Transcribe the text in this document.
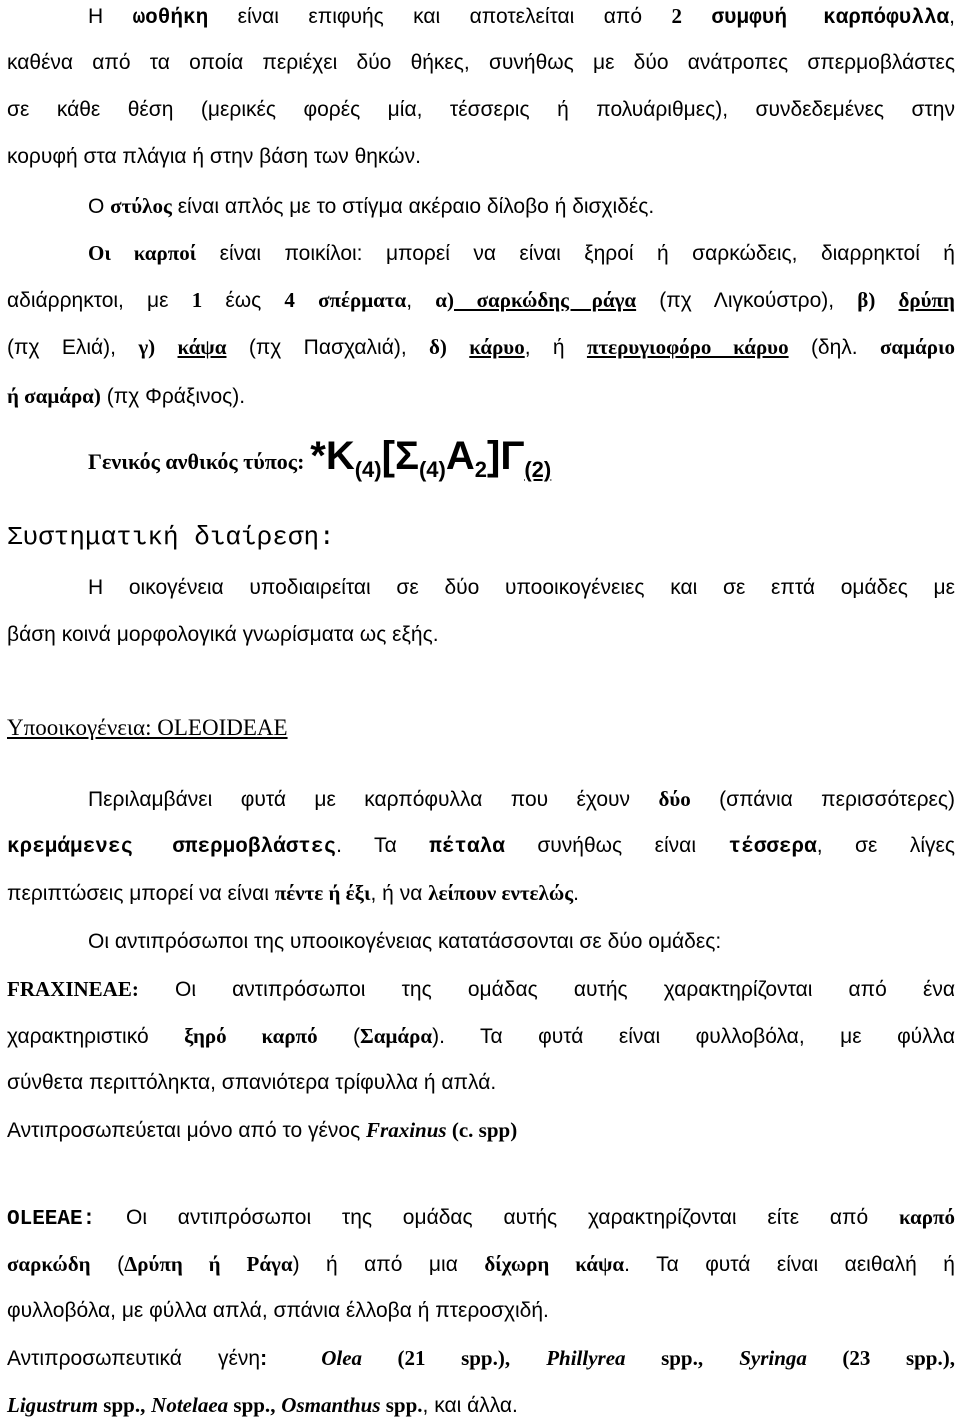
Η ωοθήκη είναι επιφυής και αποτελείται από 2 συμφυή καρπόφυλλα,
καθένα από τα οποία περιέχει δύο θήκες, συνήθως με δύο ανάτροπες σπερμοβλάστες
σε κάθε θέση (μερικές φορές μία, τέσσερις ή πολυάριθμες), συνδεδεμένες στην
κορυφή στα πλάγια ή στην βάση των θηκών.
Ο στύλος είναι απλός με το στίγμα ακέραιο δίλοβο ή δισχιδές.
Οι καρποί είναι ποικίλοι: μπορεί να είναι ξηροί ή σαρκώδεις, διαρρηκτοί ή
αδιάρρηκτοι, με 1 έως 4 σπέρματα, α) σαρκώδης ράγα (πχ Λιγκούστρο), β) δρύπη
(πχ Ελιά), γ) κάψα (πχ Πασχαλιά), δ) κάρυο, ή πτερυγιοφόρο κάρυο (δηλ. σαμάριο
ή σαμάρα) (πχ Φράξινος).
Γενικός ανθικός τύπος: $*K_{(4)}[\Sigma_{(4)}A_2]\Gamma_{(2)}$
Συστηματική διαίρεση:
Η οικογένεια υποδιαιρείται σε δύο υποοικογένειες και σε επτά ομάδες με
βάση κοινά μορφολογικά γνωρίσματα ως εξής.
Υποοικογένεια: OLEOIDEAE
Περιλαμβάνει φυτά με καρπόφυλλα που έχουν δύο (σπάνια περισσότερες)
κρεμάμενες σπερμοβλάστες. Τα πέταλα συνήθως είναι τέσσερα, σε λίγες
περιπτώσεις μπορεί να είναι πέντε ή έξι, ή να λείπουν εντελώς.
Οι αντιπρόσωποι της υποοικογένειας κατατάσσονται σε δύο ομάδες:
FRAXINEAE: Οι αντιπρόσωποι της ομάδας αυτής χαρακτηρίζονται από ένα
χαρακτηριστικό ξηρό καρπό (Σαμάρα). Τα φυτά είναι φυλλοβόλα, με φύλλα
σύνθετα περιττόληκτα, σπανιότερα τρίφυλλα ή απλά.
Αντιπροσωπεύεται μόνο από το γένος Fraxinus (c. spp)
OLEEAE: Οι αντιπρόσωποι της ομάδας αυτής χαρακτηρίζονται είτε από καρπό
σαρκώδη (Δρύπη ή Ράγα) ή από μια δίχωρη κάψα. Τα φυτά είναι αειθαλή ή
φυλλοβόλα, με φύλλα απλά, σπάνια έλλοβα ή πτεροσχιδή.
Αντιπροσωπευτικά γένη:	Olea (21 spp.), Phillyrea spp., Syringa (23 spp.),
Ligustrum spp., Notelaea spp., Osmanthus spp., και άλλα.
